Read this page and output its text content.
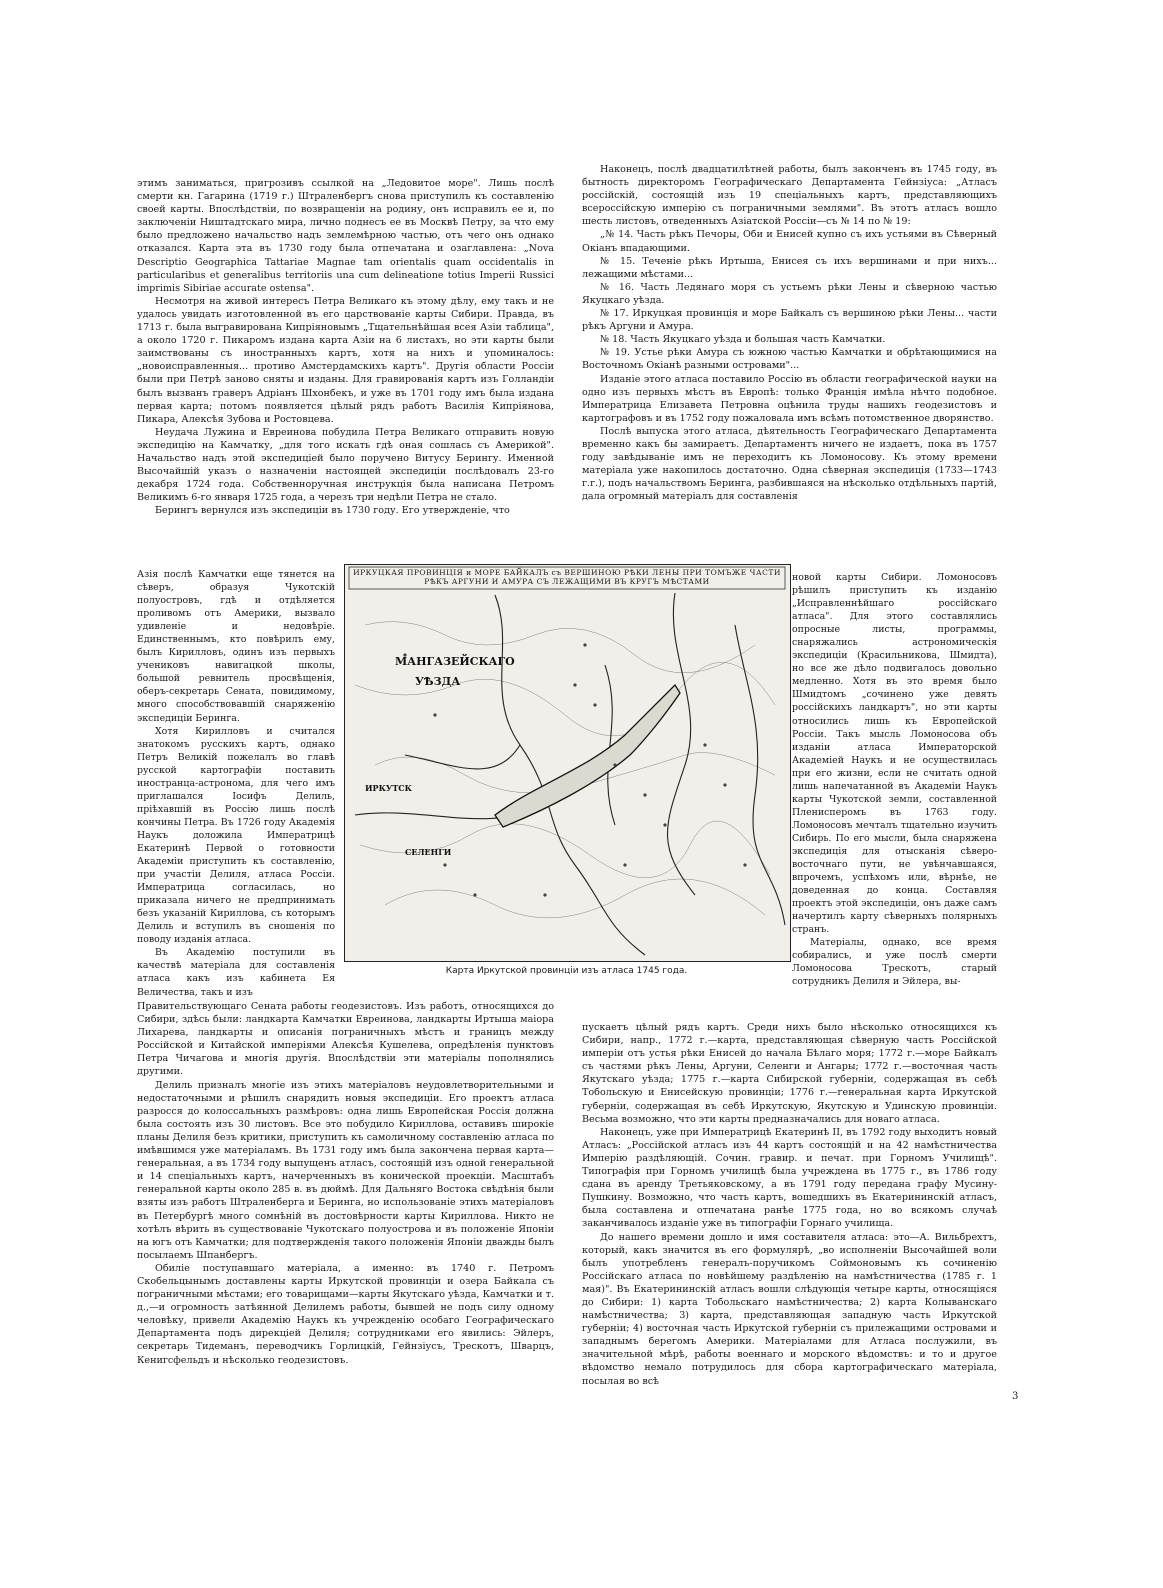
этимъ заниматься, пригрозивъ ссылкой на „Ледовитое море". Лишь послѣ смерти кн. Гагарина (1719 г.) Штраленбергъ снова приступилъ къ составленію своей карты. Впослѣдствіи, по возвращеніи на родину, онъ исправилъ ее и, по заключеніи Ништадтскаго мира, лично поднесъ ее въ Москвѣ Петру, за что ему было предложено начальство надъ землемѣрною частью, отъ чего онъ однако отказался. Карта эта въ 1730 году была отпечатана и озаглавлена: „Nova Descriptio Geographica Tattariae Magnae tam orientalis quam occidentalis in particularibus et generalibus territoriis una cum delineatione totius Imperii Russici imprimis Sibiriae accurate ostensa".

Несмотря на живой интересъ Петра Великаго къ этому дѣлу, ему такъ и не удалось увидать изготовленной въ его царствованіе карты Сибири. Правда, въ 1713 г. была выгравирована Кипріяновымъ „Тщательнѣйшая всея Азіи таблица", а около 1720 г. Пикаромъ издана карта Азіи на 6 листахъ, но эти карты были заимствованы съ иностранныхъ картъ, хотя на нихъ и упоминалось: „новоисправленныя... противо Амстердамскихъ картъ". Другія области Россіи были при Петрѣ заново сняты и изданы. Для гравированія картъ изъ Голландіи былъ вызванъ граверъ Адріанъ Шхонбекъ, и уже въ 1701 году имъ была издана первая карта; потомъ появляется цѣлый рядъ работъ Василія Кипріянова, Пикара, Алексѣя Зубова и Ростовцева.

Неудача Лужина и Евреинова побудила Петра Великаго отправить новую экспедицію на Камчатку, „для того искать гдѣ оная сошлась съ Америкой". Начальство надъ этой экспедиціей было поручено Витусу Берингу. Именной Высочайшій указъ о назначеніи настоящей экспедиціи послѣдовалъ 23-го декабря 1724 года. Собственноручная инструкція была написана Петромъ Великимъ 6-го января 1725 года, а черезъ три недѣли Петра не стало.

Берингъ вернулся изъ экспедиціи въ 1730 году. Его утвержденіе, что

Азія послѣ Камчатки еще тянется на сѣверъ, образуя Чукотскій полуостровъ, гдѣ и отдѣляется проливомъ отъ Америки, вызвало удивленіе и недовѣріе. Единственнымъ, кто повѣрилъ ему, былъ Кирилловъ, одинъ изъ первыхъ учениковъ навигацкой школы, большой ревнитель просвѣщенія, оберъ-секретарь Сената, повидимому, много способствовавшій снаряженію экспедиціи Беринга.

Хотя Кирилловъ и считался знатокомъ русскихъ картъ, однако Петръ Великій пожелалъ во главѣ русской картографіи поставить иностранца-астронома, для чего имъ приглашался Іосифъ Делиль, пріѣхавшій въ Россію лишь послѣ кончины Петра. Въ 1726 году Академія Наукъ доложила Императрицѣ Екатеринѣ Первой о готовности Академіи приступить къ составленію, при участіи Делиля, атласа Россіи. Императрица согласилась, но приказала ничего не предпринимать безъ указаній Кириллова, съ которымъ Делиль и вступилъ въ сношенія по поводу изданія атласа.

Въ Академію поступили въ качествѣ матеріала для составленія атласа какъ изъ кабинета Ея Величества, такъ и изъ

Правительствующаго Сената работы геодезистовъ. Изъ работъ, относящихся до Сибири, здѣсь были: ландкарта Камчатки Евреинова, ландкарты Иртыша маіора Лихарева, ландкарты и описанія пограничныхъ мѣстъ и границъ между Россійской и Китайской имперіями Алексѣя Кушелева, опредѣленія пунктовъ Петра Чичагова и многія другія. Впослѣдствіи эти матеріалы пополнялись другими.

Делиль призналъ многіе изъ этихъ матеріаловъ неудовлетворительными и недостаточными и рѣшилъ снарядить новыя экспедиціи. Его проектъ атласа разросся до колоссальныхъ размѣровъ: одна лишь Европейская Россія должна была состоять изъ 30 листовъ. Все это побудило Кириллова, оставивъ широкіе планы Делиля безъ критики, приступить къ самоличному составленію атласа по имѣвшимся уже матеріаламъ. Въ 1731 году имъ была закончена первая карта—генеральная, а въ 1734 году выпущенъ атласъ, состоящій изъ одной генеральной и 14 спеціальныхъ картъ, начерченныхъ въ конической проекціи. Масштабъ генеральной карты около 285 в. въ дюймѣ. Для Дальняго Востока свѣдѣнія были взяты изъ работъ Штраленберга и Беринга, но использованіе этихъ матеріаловъ въ Петербургѣ много сомнѣній въ достовѣрности карты Кириллова. Никто не хотѣлъ вѣрить въ существованіе Чукотскаго полуострова и въ положеніе Японіи на югъ отъ Камчатки; для подтвержденія такого положенія Японіи дважды былъ посылаемъ Шпанбергъ.

Обиліе поступавшаго матеріала, а именно: въ 1740 г. Петромъ Скобельцынымъ доставлены карты Иркутской провинціи и озера Байкала съ пограничными мѣстами; его товарищами—карты Якутскаго уѣзда, Камчатки и т. д.,—и огромность затѣянной Делилемъ работы, бывшей не подъ силу одному человѣку, привели Академію Наукъ къ учрежденію особаго Географическаго Департамента подъ дирекціей Делиля; сотрудниками его явились: Эйлеръ, секретарь Тидеманъ, переводчикъ Горлицкій, Гейнзіусъ, Трескотъ, Шварцъ, Кенигсфельдъ и нѣсколько геодезистовъ.

Наконецъ, послѣ двадцатилѣтней работы, былъ законченъ въ 1745 году, въ бытность директоромъ Географическаго Департамента Гейнзіуса: „Атласъ россійскій, состоящій изъ 19 спеціальныхъ картъ, представляющихъ всероссійскую имперію съ пограничными землями". Въ этотъ атласъ вошло шесть листовъ, отведенныхъ Азіатской Россіи—съ № 14 по № 19:

„№ 14. Часть рѣкъ Печоры, Оби и Енисей купно съ ихъ устьями въ Сѣверный Окіанъ впадающими.

№ 15. Теченіе рѣкъ Иртыша, Енисея съ ихъ вершинами и при нихъ... лежащими мѣстами...

№ 16. Часть Ледянаго моря съ устьемъ рѣки Лены и сѣверною частью Якуцкаго уѣзда.

№ 17. Иркуцкая провинція и море Байкалъ съ вершиною рѣки Лены... части рѣкъ Аргуни и Амура.

№ 18. Часть Якуцкаго уѣзда и большая часть Камчатки.

№ 19. Устье рѣки Амура съ южною частью Камчатки и обрѣтающимися на Восточномъ Окіанѣ разными островами"...

Изданіе этого атласа поставило Россію въ области географической науки на одно изъ первыхъ мѣстъ въ Европѣ: только Франція имѣла нѣчто подобное. Императрица Елизавета Петровна оцѣнила труды нашихъ геодезистовъ и картографовъ и въ 1752 году пожаловала имъ всѣмъ потомственное дворянство.

Послѣ выпуска этого атласа, дѣятельность Географическаго Департамента временно какъ бы замираетъ. Департаментъ ничего не издаетъ, пока въ 1757 году завѣдываніе имъ не переходитъ къ Ломоносову. Къ этому времени матеріала уже накопилось достаточно. Одна сѣверная экспедиція (1733—1743 г.г.), подъ начальствомъ Беринга, разбившаяся на нѣсколько отдѣльныхъ партій, дала огромный матеріалъ для составленія

новой карты Сибири. Ломоносовъ рѣшилъ приступить къ изданію „Исправленнѣйшаго россійскаго атласа". Для этого составлялись опросные листы, программы, снаряжались астрономическія экспедиціи (Красильникова, Шмидта), но все же дѣло подвигалось довольно медленно. Хотя въ это время было Шмидтомъ „сочинено уже девять россійскихъ ландкартъ", но эти карты относились лишь къ Европейской Россіи. Такъ мысль Ломоносова объ изданіи атласа Императорской Академіей Наукъ и не осуществилась при его жизни, если не считать одной лишь напечатанной въ Академіи Наукъ карты Чукотской земли, составленной Пленисперомъ въ 1763 году. Ломоносовъ мечталъ тщательно изучить Сибирь. По его мысли, была снаряжена экспедиція для отысканія сѣверо-восточнаго пути, не увѣнчавшаяся, впрочемъ, успѣхомъ или, вѣрнѣе, не доведенная до конца. Составляя проектъ этой экспедиціи, онъ даже самъ начертилъ карту сѣверныхъ полярныхъ странъ.

Матеріалы, однако, все время собирались, и уже послѣ смерти Ломоносова Трескотъ, старый сотрудникъ Делиля и Эйлера, вы-

пускаетъ цѣлый рядъ картъ. Среди нихъ было нѣсколько относящихся къ Сибири, напр., 1772 г.—карта, представляющая сѣверную часть Россійской имперіи отъ устья рѣки Енисей до начала Бѣлаго моря; 1772 г.—море Байкалъ съ частями рѣкъ Лены, Аргуни, Селенги и Ангары; 1772 г.—восточная часть Якутскаго уѣзда; 1775 г.—карта Сибирской губерніи, содержащая въ себѣ Тобольскую и Енисейскую провинціи; 1776 г.—генеральная карта Иркутской губерніи, содержащая въ себѣ Иркутскую, Якутскую и Удинскую провинціи. Весьма возможно, что эти карты предназначались для новаго атласа.

Наконецъ, уже при Императрицѣ Екатеринѣ II, въ 1792 году выходитъ новый Атласъ: „Россійской атласъ изъ 44 картъ состоящій и на 42 намѣстничества Имперію раздѣляющій. Сочин. гравир. и печат. при Горномъ Училищѣ". Типографія при Горномъ училищѣ была учреждена въ 1775 г., въ 1786 году сдана въ аренду Третьяковскому, а въ 1791 году передана графу Мусину-Пушкину. Возможно, что часть картъ, вошедшихъ въ Екатерининскій атласъ, была составлена и отпечатана ранѣе 1775 года, но во всякомъ случаѣ заканчивалось изданіе уже въ типографіи Горнаго училища.

До нашего времени дошло и имя составителя атласа: это—А. Вильбрехтъ, который, какъ значится въ его формулярѣ, „во исполненіи Высочайшей воли былъ употребленъ генералъ-поручикомъ Соймоновымъ къ сочиненію Россійскаго атласа по новѣйшему раздѣленію на намѣстничества (1785 г. 1 мая)". Въ Екатерининскій атласъ вошли слѣдующія четыре карты, относящіяся до Сибири: 1) карта Тобольскаго намѣстничества; 2) карта Колыванскаго намѣстничества; 3) карта, представляющая западную часть Иркутской губерніи; 4) восточная часть Иркутской губерніи съ прилежащими островами и западнымъ берегомъ Америки. Матеріалами для Атласа послужили, въ значительной мѣрѣ, работы военнаго и морского вѣдомствъ: и то и другое вѣдомство немало потрудилось для сбора картографическаго матеріала, посылая во всѣ

ИРКУЦКАЯ ПРОВИНЦІЯ и МОРЕ БАЙКАЛЪ съ ВЕРШИНОЮ РѢКИ ЛЕНЫ ПРИ ТОМЪЖЕ ЧАСТИ РѢКЪ АРГУНИ И АМУРА СЪ ЛЕЖАЩИМИ ВЪ КРУГЪ МѢСТАМИ
МАНГАЗЕЙСКАГО
УѢЗДА
СЕЛЕНГИ
ИРКУТСК
Карта Иркутской провинціи изъ атласа 1745 года.
3
